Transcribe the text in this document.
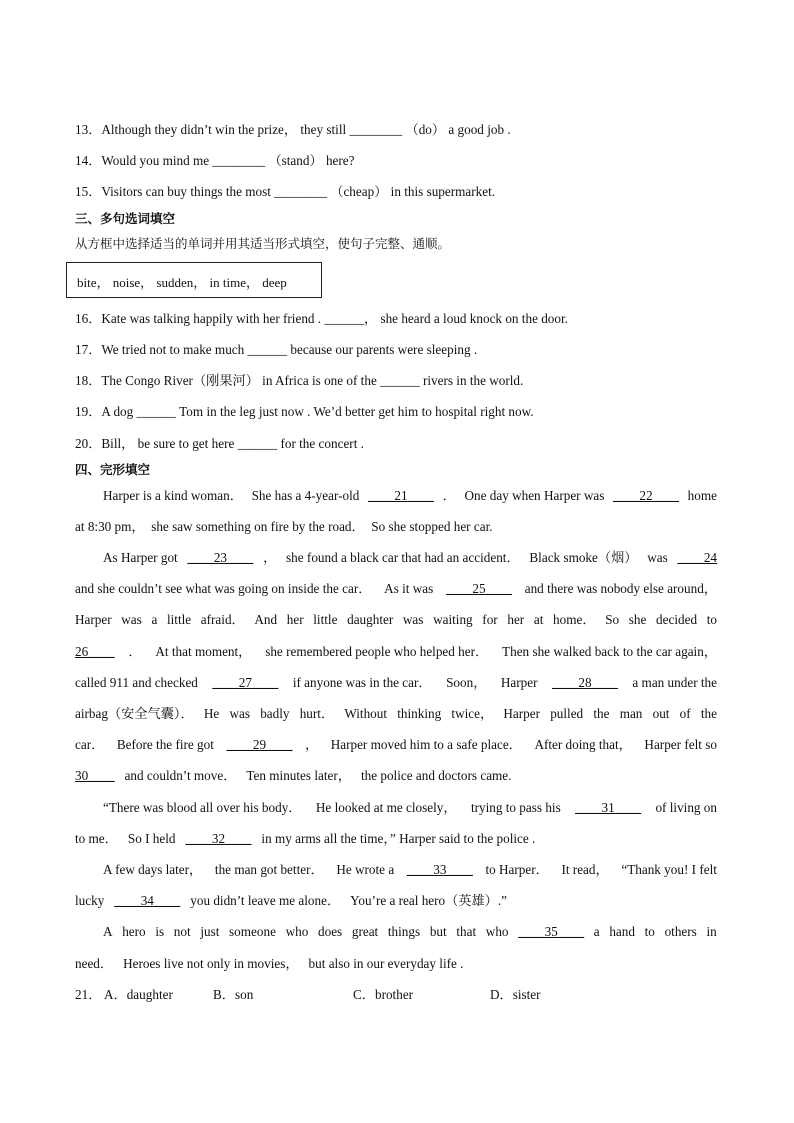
13．Although they didn’t win the prize， they still ________ （do） a good job .
14．Would you mind me ________ （stand） here?
15．Visitors can buy things the most ________ （cheap） in this supermarket.
三、多句选词填空
从方框中选择适当的单词并用其适当形式填空，使句子完整、通顺。
bite， noise， sudden， in time， deep
16．Kate was talking happily with her friend . ______， she heard a loud knock on the door.
17．We tried not to make much ______ because our parents were sleeping .
18．The Congo River（刚果河） in Africa is one of the ______ rivers in the world.
19．A dog ______ Tom in the leg just now . We’d better get him to hospital right now.
20．Bill， be sure to get here ______ for the concert .
四、完形填空
Harper is a kind woman． She has a 4-year-old ____21____ ． One day when Harper was ____22____ home
at 8:30 pm，  she saw something on fire by the road．  So she stopped her car.
As Harper got ____23____ ， she found a black car that had an accident． Black smoke（烟） was ____24
and she couldn’t see what was going on inside the car． As it was ____25____ and there was nobody else around，
Harper was a little afraid． And her little daughter was waiting for her at home． So she decided to
26____ ． At that moment， she remembered people who helped her． Then she walked back to the car again，
called 911 and checked ____27____ if anyone was in the car． Soon， Harper ____28____ a man under the
airbag（安全气囊）． He was badly hurt． Without thinking twice， Harper pulled the man out of the
car． Before the fire got ____29____ ， Harper moved him to a safe place． After doing that， Harper felt so
30____ and couldn’t move． Ten minutes later， the police and doctors came.
“There was blood all over his body． He looked at me closely， trying to pass his ____31____ of living on
to me． So I held ____32____ in my arms all the time，” Harper said to the police .
A few days later， the man got better． He wrote a ____33____ to Harper． It read， “Thank you! I felt
lucky ____34____ you didn’t leave me alone． You’re a real hero（英雄）.”
A hero is not just someone who does great things but that who ____35____ a hand to others in
need． Heroes live not only in movies， but also in our everyday life .
21． A．daughter	B．son	C．brother	D．sister
